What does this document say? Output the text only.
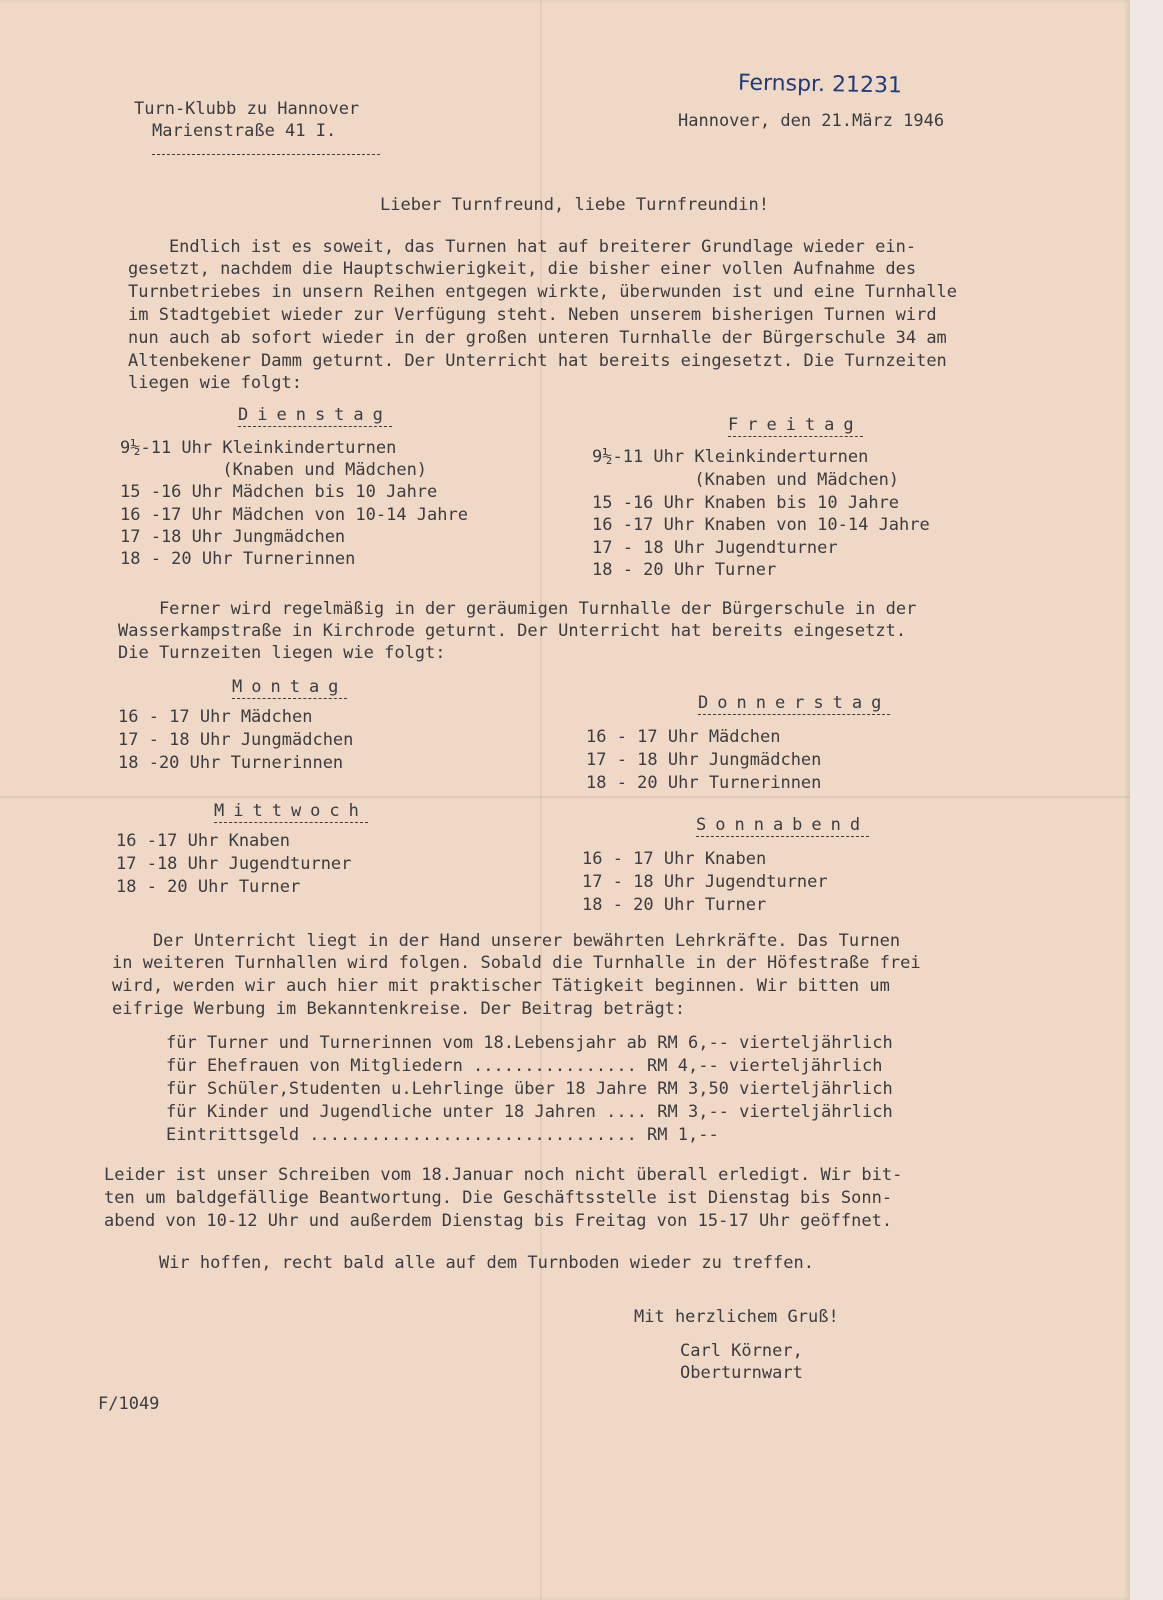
Turn-Klubb zu Hannover
Marienstraße 41 I.
Fernspr. 21231
Hannover, den 21.März 1946
Lieber Turnfreund, liebe Turnfreundin!
Endlich ist es soweit, das Turnen hat auf breiterer Grundlage wieder ein-
gesetzt, nachdem die Hauptschwierigkeit, die bisher einer vollen Aufnahme des
Turnbetriebes in unsern Reihen entgegen wirkte, überwunden ist und eine Turnhalle
im Stadtgebiet wieder zur Verfügung steht. Neben unserem bisherigen Turnen wird
nun auch ab sofort wieder in der großen unteren Turnhalle der Bürgerschule 34 am
Altenbekener Damm geturnt. Der Unterricht hat bereits eingesetzt. Die Turnzeiten
liegen wie folgt:
Dienstag
9½-11 Uhr Kleinkinderturnen
(Knaben und Mädchen)
15 -16 Uhr Mädchen bis 10 Jahre
16 -17 Uhr Mädchen von 10-14 Jahre
17 -18 Uhr Jungmädchen
18 - 20 Uhr Turnerinnen
Freitag
9½-11 Uhr Kleinkinderturnen
(Knaben und Mädchen)
15 -16 Uhr Knaben bis 10 Jahre
16 -17 Uhr Knaben von 10-14 Jahre
17 - 18 Uhr Jugendturner
18 - 20 Uhr Turner
Ferner wird regelmäßig in der geräumigen Turnhalle der Bürgerschule in der
Wasserkampstraße in Kirchrode geturnt. Der Unterricht hat bereits eingesetzt.
Die Turnzeiten liegen wie folgt:
Montag
16 - 17 Uhr Mädchen
17 - 18 Uhr Jungmädchen
18 -20 Uhr Turnerinnen
Donnerstag
16 - 17 Uhr Mädchen
17 - 18 Uhr Jungmädchen
18 - 20 Uhr Turnerinnen
Mittwoch
16 -17 Uhr Knaben
17 -18 Uhr Jugendturner
18 - 20 Uhr Turner
Sonnabend
16 - 17 Uhr Knaben
17 - 18 Uhr Jugendturner
18 - 20 Uhr Turner
Der Unterricht liegt in der Hand unserer bewährten Lehrkräfte. Das Turnen
in weiteren Turnhallen wird folgen. Sobald die Turnhalle in der Höfestraße frei
wird, werden wir auch hier mit praktischer Tätigkeit beginnen. Wir bitten um
eifrige Werbung im Bekanntenkreise. Der Beitrag beträgt:
für Turner und Turnerinnen vom 18.Lebensjahr ab RM 6,-- vierteljährlich
für Ehefrauen von Mitgliedern ................ RM 4,-- vierteljährlich
für Schüler,Studenten u.Lehrlinge über 18 Jahre RM 3,50 vierteljährlich
für Kinder und Jugendliche unter 18 Jahren .... RM 3,-- vierteljährlich
Eintrittsgeld ................................ RM 1,--
Leider ist unser Schreiben vom 18.Januar noch nicht überall erledigt. Wir bit-
ten um baldgefällige Beantwortung. Die Geschäftsstelle ist Dienstag bis Sonn-
abend von 10-12 Uhr und außerdem Dienstag bis Freitag von 15-17 Uhr geöffnet.
Wir hoffen, recht bald alle auf dem Turnboden wieder zu treffen.
Mit herzlichem Gruß!
Carl Körner,
Oberturnwart
F/1049
